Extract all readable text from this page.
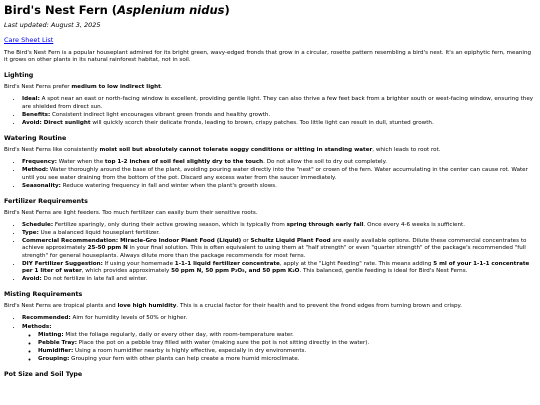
Bird's Nest Fern (Asplenium nidus)
Last updated: August 3, 2025
Care Sheet List

The Bird's Nest Fern is a popular houseplant admired for its bright green, wavy-edged fronds that grow in a circular, rosette pattern resembling a bird's nest. It's an epiphytic fern, meaning it grows on other plants in its natural rainforest habitat, not in soil.

Lighting

Bird's Nest Ferns prefer medium to low indirect light.

• Ideal: A spot near an east or north-facing window is excellent, providing gentle light. They can also thrive a few feet back from a brighter south or west-facing window, ensuring they are shielded from direct sun.
• Benefits: Consistent indirect light encourages vibrant green fronds and healthy growth.
• Avoid: Direct sunlight will quickly scorch their delicate fronds, leading to brown, crispy patches. Too little light can result in dull, stunted growth.
Watering Routine

Bird's Nest Ferns like consistently moist soil but absolutely cannot tolerate soggy conditions or sitting in standing water, which leads to root rot.

• Frequency: Water when the top 1-2 inches of soil feel slightly dry to the touch. Do not allow the soil to dry out completely.
• Method: Water thoroughly around the base of the plant, avoiding pouring water directly into the "nest" or crown of the fern. Water accumulating in the center can cause rot. Water until you see water draining from the bottom of the pot. Discard any excess water from the saucer immediately.
• Seasonality: Reduce watering frequency in fall and winter when the plant's growth slows.
Fertilizer Requirements

Bird's Nest Ferns are light feeders. Too much fertilizer can easily burn their sensitive roots.

• Schedule: Fertilize sparingly, only during their active growing season, which is typically from spring through early fall. Once every 4-6 weeks is sufficient.
• Type: Use a balanced liquid houseplant fertilizer.
• Commercial Recommendation: Miracle-Gro Indoor Plant Food (Liquid) or Schultz Liquid Plant Food are easily available options. Dilute these commercial concentrates to achieve approximately 25-50 ppm N in your final solution. This is often equivalent to using them at "half strength" or even "quarter strength" of the package's recommended "full strength" for general houseplants. Always dilute more than the package recommends for most ferns.
• DIY Fertilizer Suggestion: If using your homemade 1-1-1 liquid fertilizer concentrate, apply at the "Light Feeding" rate. This means adding 5 ml of your 1-1-1 concentrate per 1 liter of water, which provides approximately 50 ppm N, 50 ppm P₂O₅, and 50 ppm K₂O. This balanced, gentle feeding is ideal for Bird's Nest Ferns.
• Avoid: Do not fertilize in late fall and winter.
Misting Requirements

Bird's Nest Ferns are tropical plants and love high humidity. This is a crucial factor for their health and to prevent the frond edges from turning brown and crispy.

• Recommended: Aim for humidity levels of 50% or higher.
• Methods:
◦ Misting: Mist the foliage regularly, daily or every other day, with room-temperature water.
◦ Pebble Tray: Place the pot on a pebble tray filled with water (making sure the pot is not sitting directly in the water).
◦ Humidifier: Using a room humidifier nearby is highly effective, especially in dry environments.
◦ Grouping: Grouping your fern with other plants can help create a more humid microclimate.
Pot Size and Soil Type
